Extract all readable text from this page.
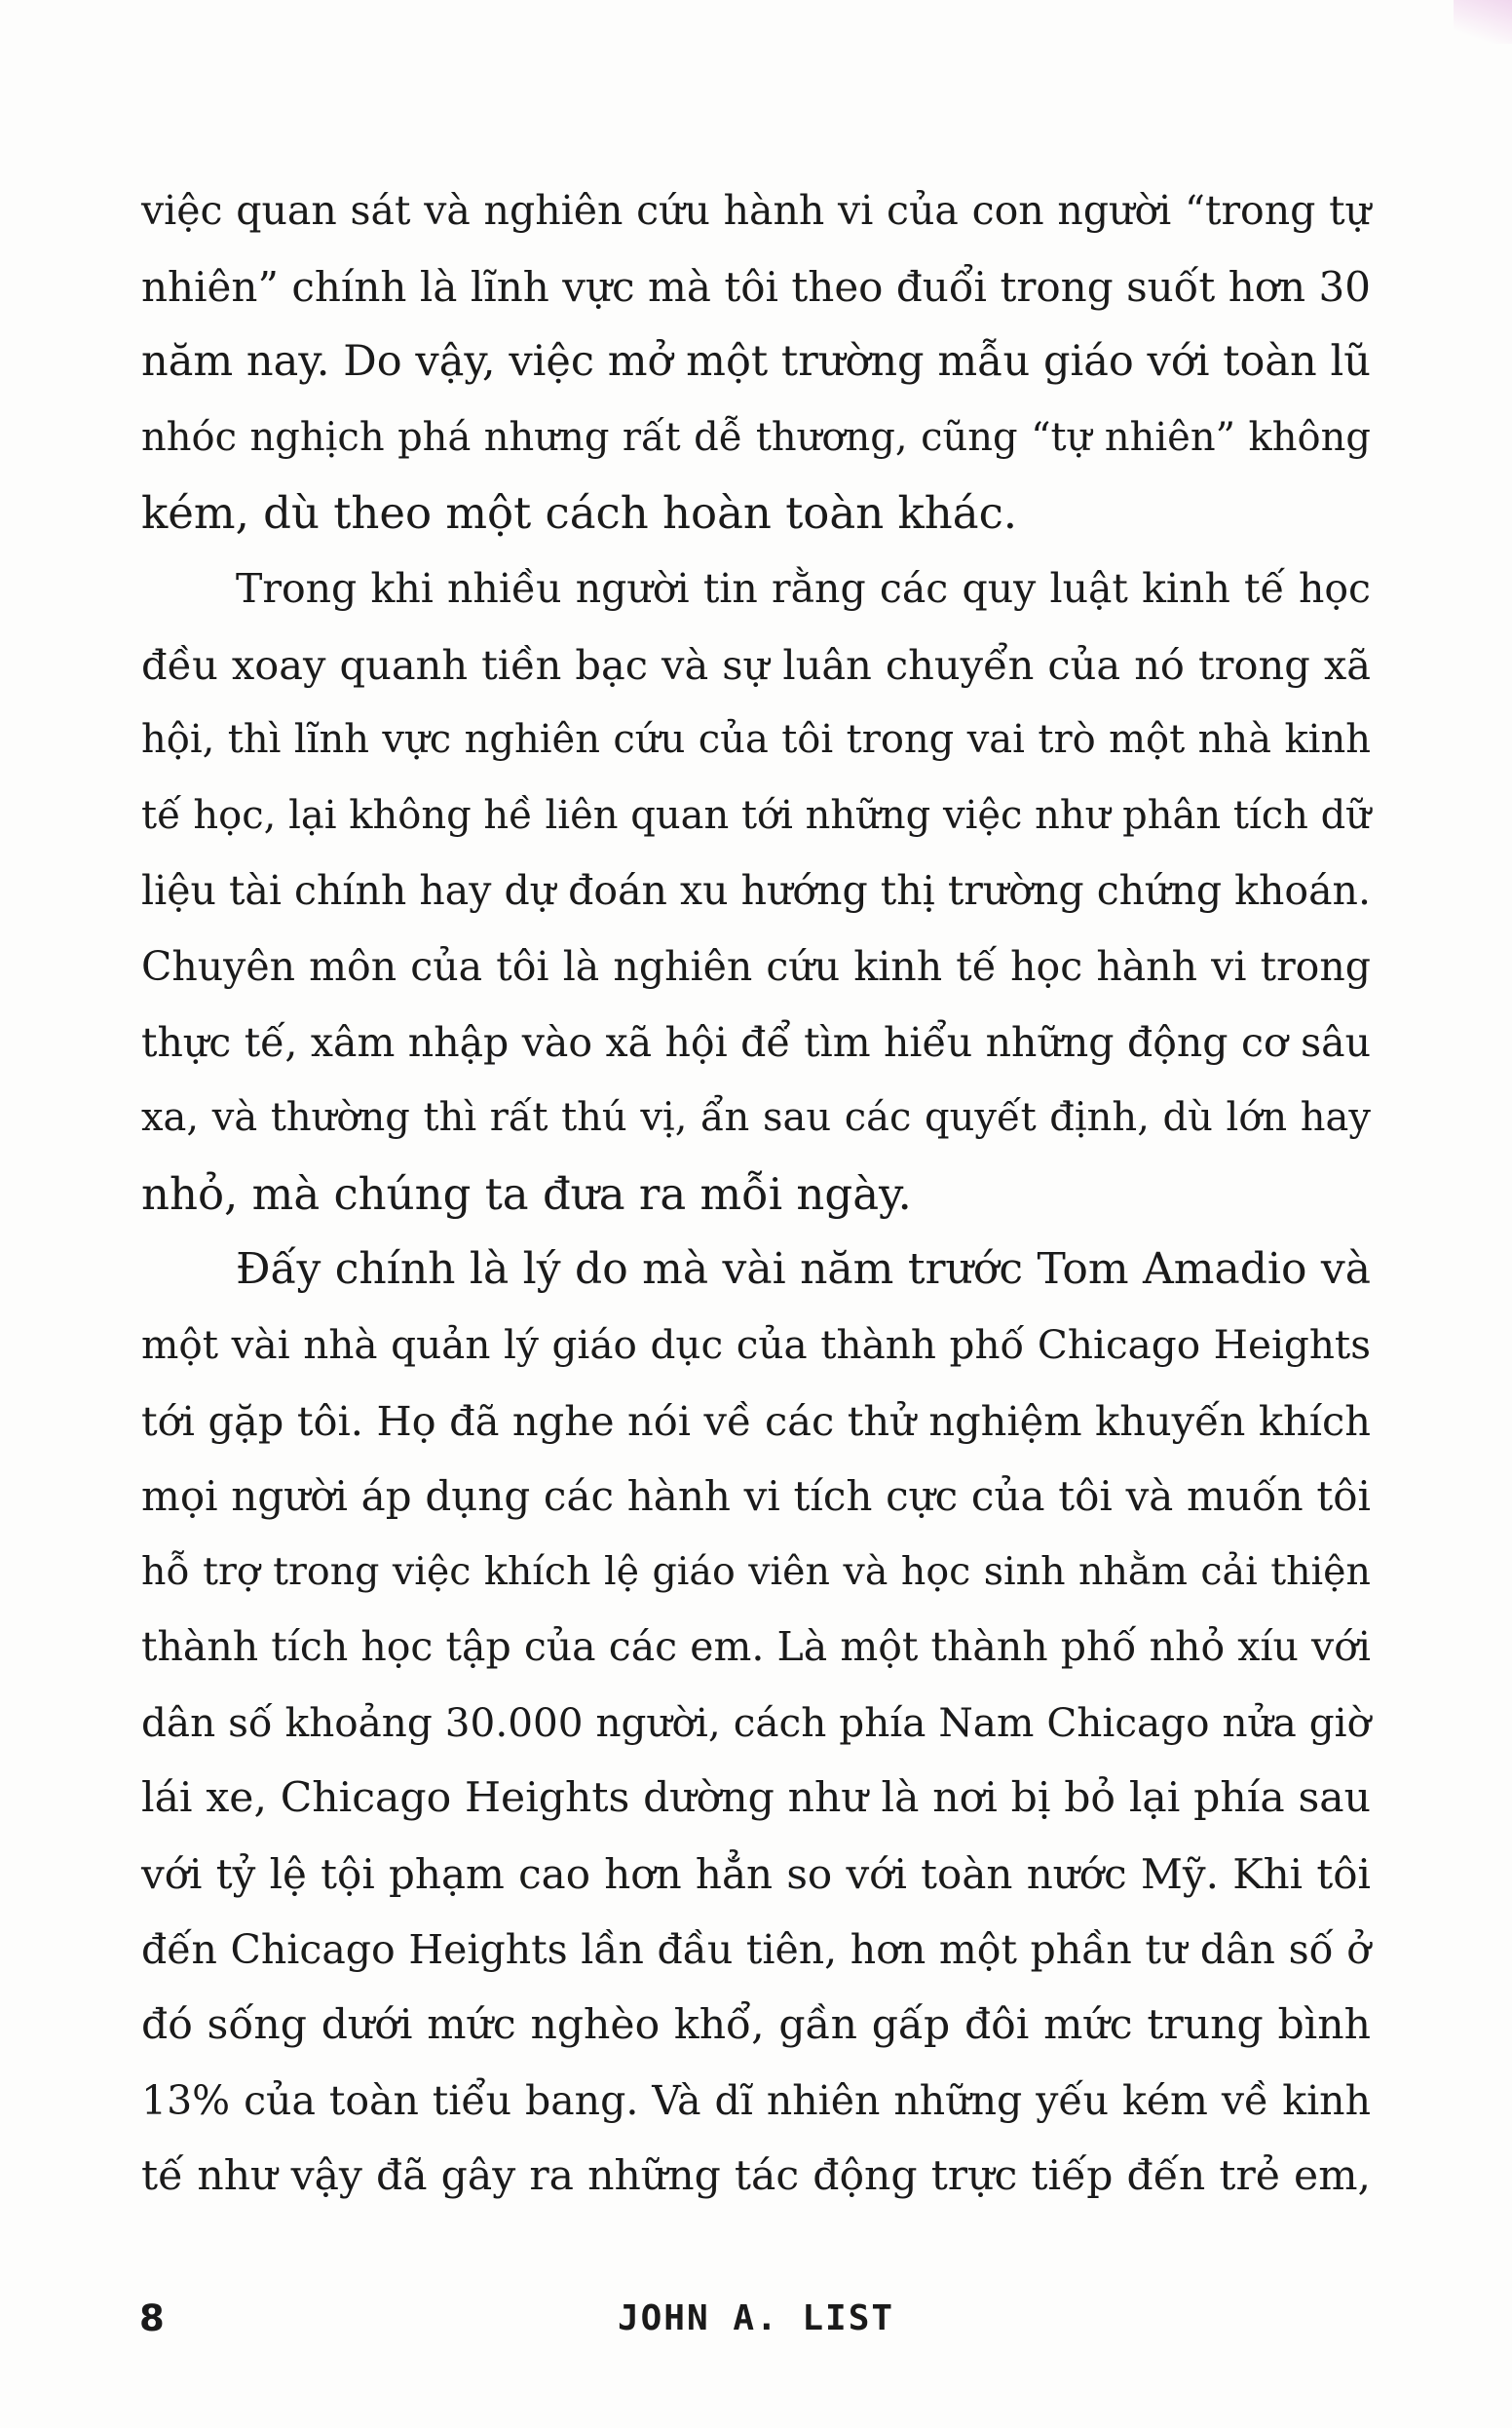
việc quan sát và nghiên cứu hành vi của con người “trong tự
nhiên” chính là lĩnh vực mà tôi theo đuổi trong suốt hơn 30
năm nay. Do vậy, việc mở một trường mẫu giáo với toàn lũ
nhóc nghịch phá nhưng rất dễ thương, cũng “tự nhiên” không
kém, dù theo một cách hoàn toàn khác.
Trong khi nhiều người tin rằng các quy luật kinh tế học
đều xoay quanh tiền bạc và sự luân chuyển của nó trong xã
hội, thì lĩnh vực nghiên cứu của tôi trong vai trò một nhà kinh
tế học, lại không hề liên quan tới những việc như phân tích dữ
liệu tài chính hay dự đoán xu hướng thị trường chứng khoán.
Chuyên môn của tôi là nghiên cứu kinh tế học hành vi trong
thực tế, xâm nhập vào xã hội để tìm hiểu những động cơ sâu
xa, và thường thì rất thú vị, ẩn sau các quyết định, dù lớn hay
nhỏ, mà chúng ta đưa ra mỗi ngày.
Đấy chính là lý do mà vài năm trước Tom Amadio và
một vài nhà quản lý giáo dục của thành phố Chicago Heights
tới gặp tôi. Họ đã nghe nói về các thử nghiệm khuyến khích
mọi người áp dụng các hành vi tích cực của tôi và muốn tôi
hỗ trợ trong việc khích lệ giáo viên và học sinh nhằm cải thiện
thành tích học tập của các em. Là một thành phố nhỏ xíu với
dân số khoảng 30.000 người, cách phía Nam Chicago nửa giờ
lái xe, Chicago Heights dường như là nơi bị bỏ lại phía sau
với tỷ lệ tội phạm cao hơn hẳn so với toàn nước Mỹ. Khi tôi
đến Chicago Heights lần đầu tiên, hơn một phần tư dân số ở
đó sống dưới mức nghèo khổ, gần gấp đôi mức trung bình
13% của toàn tiểu bang. Và dĩ nhiên những yếu kém về kinh
tế như vậy đã gây ra những tác động trực tiếp đến trẻ em,
8	JOHN A. LIST
